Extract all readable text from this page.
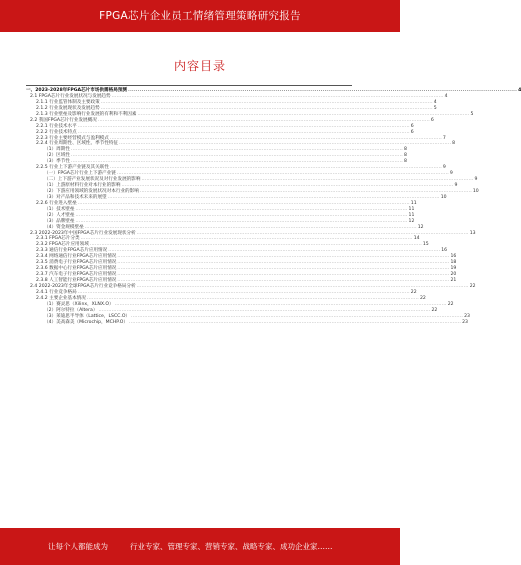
FPGA芯片企业员工情绪管理策略研究报告
内容目录
一、2023-2028年FPGA芯片市场供需格局预测 ........................................................................................................................................................................................................ 4
2.1 FPGA芯片行业发展状况与发展趋势 ........................................................................................................................................................................................................ 4
2.1.1 行业监管体制及主要政策 ........................................................................................................................................................................................................ 4
2.1.2 行业发展现状及发展趋势 ........................................................................................................................................................................................................ 5
2.1.3 行业壁垒及影响行业发展的有利和不利因素 ........................................................................................................................................................................................................ 5
2.2 我国FPGA芯片行业发展概况 ........................................................................................................................................................................................................ 6
2.2.1 行业技术水平 ........................................................................................................................................................................................................ 6
2.2.2 行业技术特点 ........................................................................................................................................................................................................ 6
2.2.3 行业主要经营模式与盈利模式 ........................................................................................................................................................................................................ 7
2.2.4 行业周期性、区域性、季节性特征 ........................................................................................................................................................................................................ 8
（1）周期性 ........................................................................................................................................................................................................ 8
（2）区域性 ........................................................................................................................................................................................................ 8
（3）季节性 ........................................................................................................................................................................................................ 8
2.2.5 行业上下游产业链及其关联性 ........................................................................................................................................................................................................ 9
（一）FPGA芯片行业上下游产业链 ........................................................................................................................................................................................................ 9
（二）上下游产业发展状况及对行业发展的影响 ........................................................................................................................................................................................................ 9
（1）上游原材料行业对本行业的影响 ........................................................................................................................................................................................................ 9
（2）下游应用领域的发展状况对本行业的影响 ........................................................................................................................................................................................................ 10
（3）对产品和技术未来的展望 ........................................................................................................................................................................................................ 10
2.2.6 行业进入壁垒 ........................................................................................................................................................................................................ 11
（1）技术壁垒 ........................................................................................................................................................................................................ 11
（2）人才壁垒 ........................................................................................................................................................................................................ 11
（3）品牌壁垒 ........................................................................................................................................................................................................ 12
（4）资金规模壁垒 ........................................................................................................................................................................................................ 12
2.3 2022-2023年中国FPGA芯片行业发展现状分析 ........................................................................................................................................................................................................ 13
2.3.1 FPGA芯片分类 ........................................................................................................................................................................................................ 14
2.3.2 FPGA芯片应用领域 ........................................................................................................................................................................................................ 15
2.3.3 通信行业FPGA芯片应用情况 ........................................................................................................................................................................................................ 16
2.3.4 网络通信行业FPGA芯片应用情况 ........................................................................................................................................................................................................ 16
2.3.5 消费电子行业FPGA芯片应用情况 ........................................................................................................................................................................................................ 18
2.3.6 数据中心行业FPGA芯片应用情况 ........................................................................................................................................................................................................ 19
2.3.7 汽车电子行业FPGA芯片应用情况 ........................................................................................................................................................................................................ 20
2.3.8 人工智能行业FPGA芯片应用情况 ........................................................................................................................................................................................................ 21
2.4 2022-2023年全球FPGA芯片行业竞争格局分析 ........................................................................................................................................................................................................ 22
2.4.1 行业竞争格局 ........................................................................................................................................................................................................ 22
2.4.2 主要企业基本情况 ........................................................................................................................................................................................................ 22
（1）赛灵思（Xilinx，XLNX.O） ........................................................................................................................................................................................................ 22
（2）阿尔特拉（Altera） ........................................................................................................................................................................................................ 22
（3）莱迪思半导体（Lattice，LSCC.O） ........................................................................................................................................................................................................ 23
（4）美高森美（Microchip，MCHP.O） ........................................................................................................................................................................................................ 23
让每个人都能成为	行业专家、管理专家、营销专家、战略专家、成功企业家……
